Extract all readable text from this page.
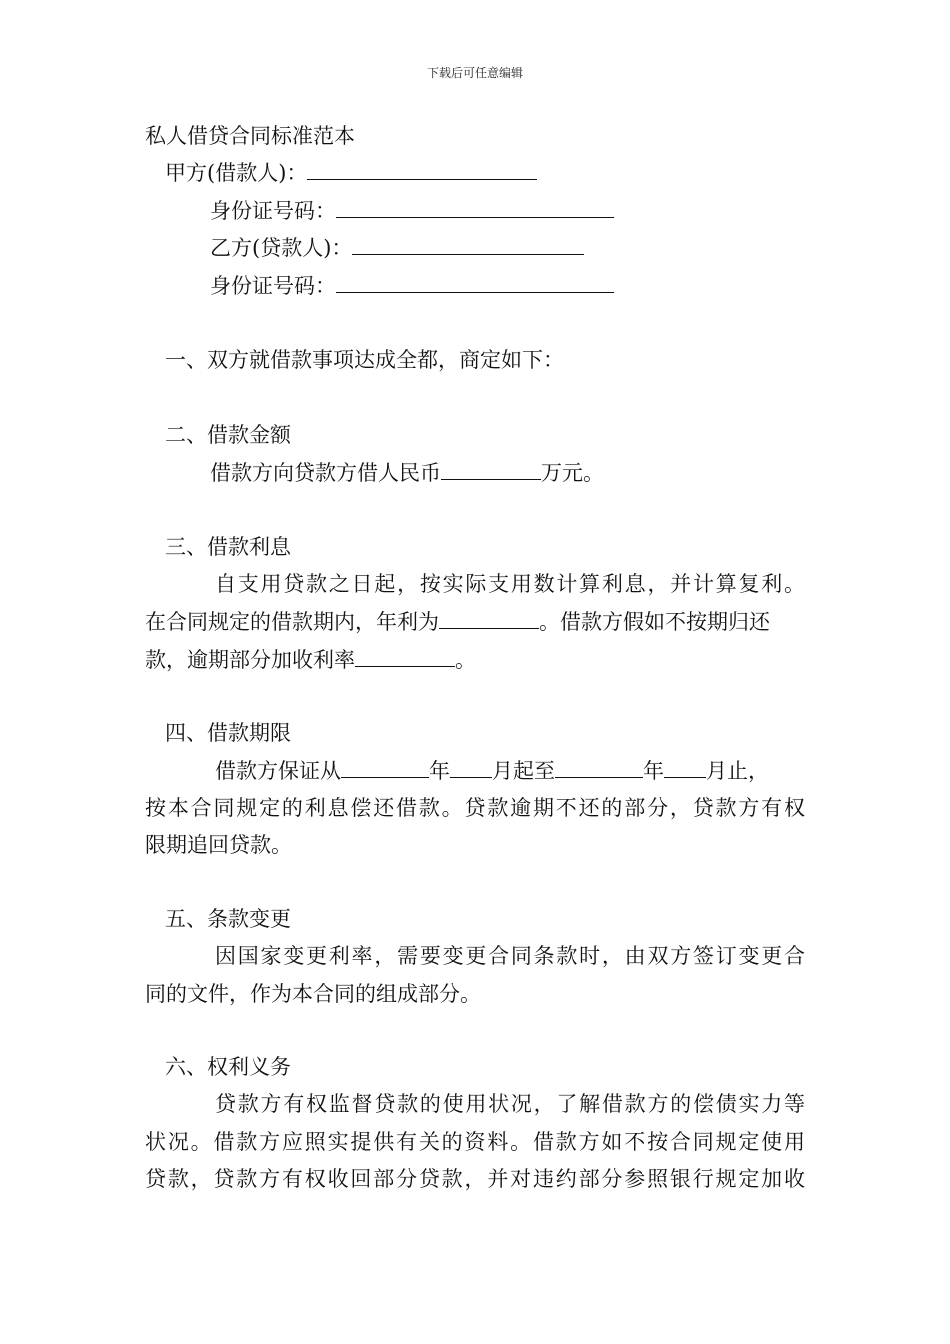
下载后可任意编辑
私人借贷合同标准范本
甲方(借款人)：
身份证号码：
乙方(贷款人)：
身份证号码：
一、双方就借款事项达成全都，商定如下：
二、借款金额
借款方向贷款方借人民币	万元。
三、借款利息
自支用贷款之日起，按实际支用数计算利息，并计算复利。
在合同规定的借款期内，年利为	。借款方假如不按期归还
款，逾期部分加收利率	。
四、借款期限
借款方保证从	年 月起至	年 月止，
按本合同规定的利息偿还借款。贷款逾期不还的部分，贷款方有权
限期追回贷款。
五、条款变更
因国家变更利率，需要变更合同条款时，由双方签订变更合
同的文件，作为本合同的组成部分。
六、权利义务
贷款方有权监督贷款的使用状况，了解借款方的偿债实力等
状况。借款方应照实提供有关的资料。借款方如不按合同规定使用
贷款，贷款方有权收回部分贷款，并对违约部分参照银行规定加收
